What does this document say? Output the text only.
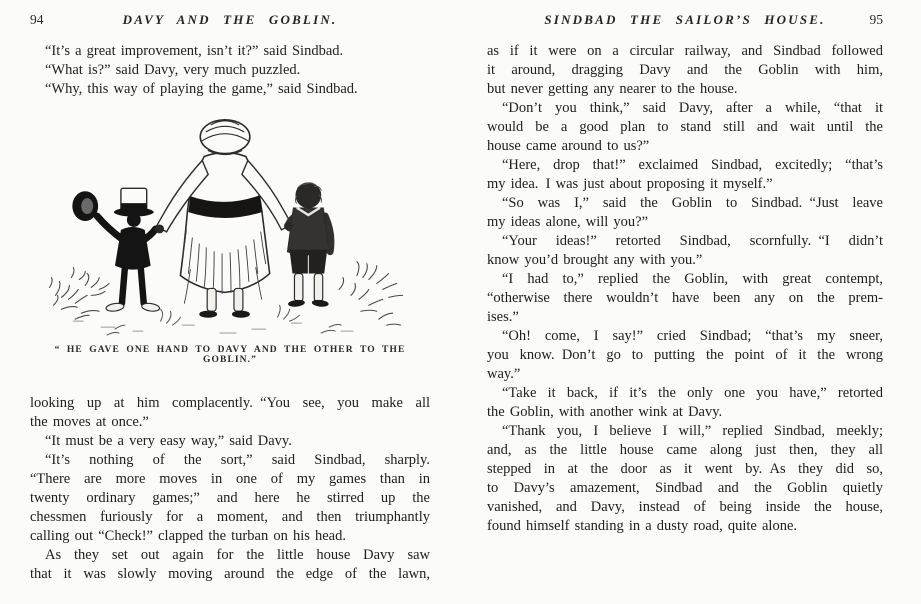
94	DAVY AND THE GOBLIN.
“It’s a great improvement, isn’t it?” said Sindbad.
“What is?” said Davy, very much puzzled.
“Why, this way of playing the game,” said Sindbad.
“ HE GAVE ONE HAND TO DAVY AND THE OTHER TO THE GOBLIN.”
looking up at him complacently. “You see, you make all
the moves at once.”
“It must be a very easy way,” said Davy.
“It’s nothing of the sort,” said Sindbad, sharply.
“There are more moves in one of my games than in
twenty ordinary games;” and here he stirred up the
chessmen furiously for a moment, and then triumphantly
calling out “Check!” clapped the turban on his head.
As they set out again for the little house Davy saw
that it was slowly moving around the edge of the lawn,
SINDBAD THE SAILOR’S HOUSE.	95
as if it were on a circular railway, and Sindbad followed
it around, dragging Davy and the Goblin with him,
but never getting any nearer to the house.
“Don’t you think,” said Davy, after a while, “that it
would be a good plan to stand still and wait until the
house came around to us?”
“Here, drop that!” exclaimed Sindbad, excitedly; “that’s
my idea. I was just about proposing it myself.”
“So was I,” said the Goblin to Sindbad. “Just leave
my ideas alone, will you?”
“Your ideas!” retorted Sindbad, scornfully. “I didn’t
know you’d brought any with you.”
“I had to,” replied the Goblin, with great contempt,
“otherwise there wouldn’t have been any on the prem-
ises.”
“Oh! come, I say!” cried Sindbad; “that’s my sneer,
you know. Don’t go to putting the point of it the wrong
way.”
“Take it back, if it’s the only one you have,” retorted
the Goblin, with another wink at Davy.
“Thank you, I believe I will,” replied Sindbad, meekly;
and, as the little house came along just then, they all
stepped in at the door as it went by. As they did so,
to Davy’s amazement, Sindbad and the Goblin quietly
vanished, and Davy, instead of being inside the house,
found himself standing in a dusty road, quite alone.
